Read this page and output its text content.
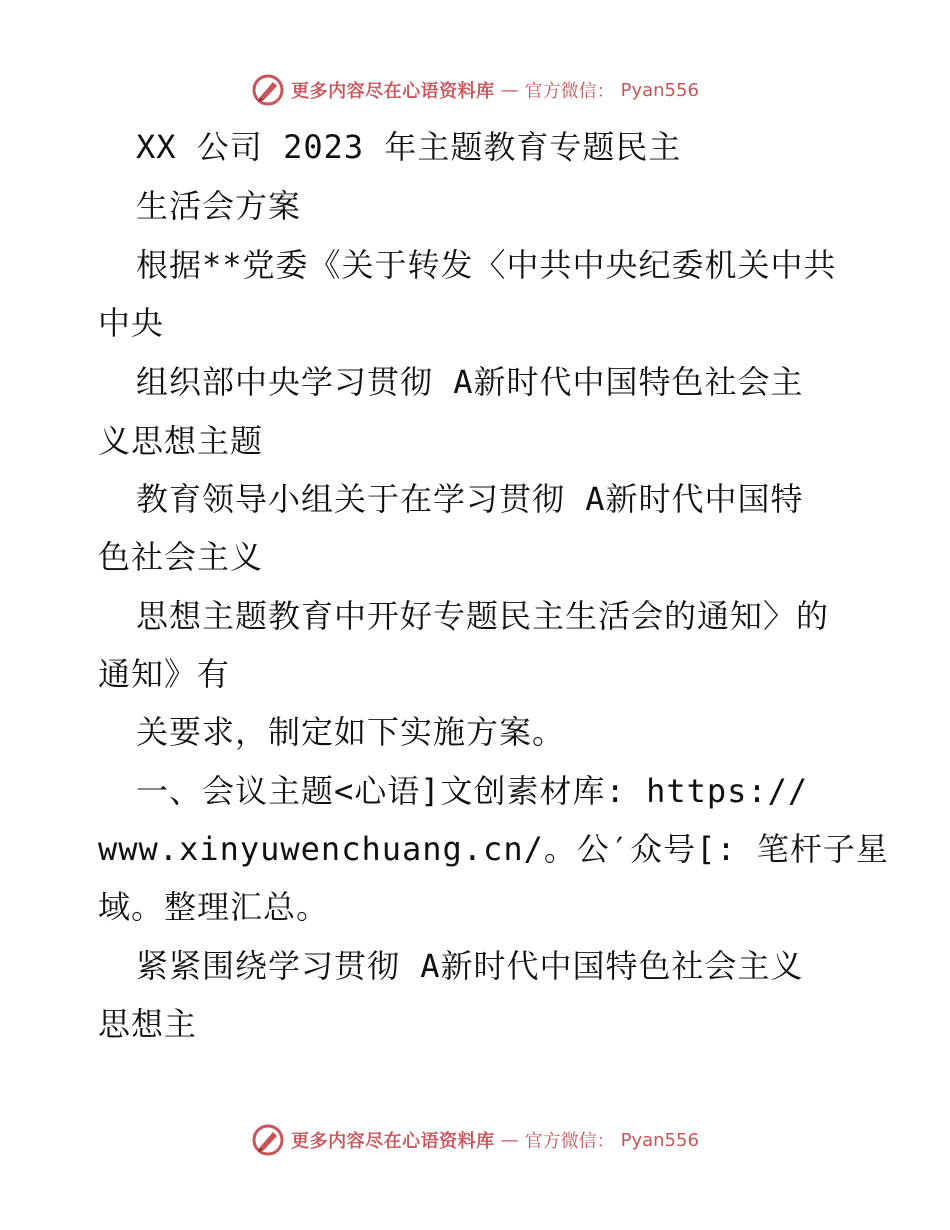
更多内容尽在心语资料库 — 官方微信： Pyan556
XX 公司 2023 年主题教育专题民主
生活会方案
根据**党委《关于转发〈中共中央纪委机关中共
中央
组织部中央学习贯彻 A新时代中国特色社会主
义思想主题
教育领导小组关于在学习贯彻 A新时代中国特
色社会主义
思想主题教育中开好专题民主生活会的通知〉的
通知》有
关要求，制定如下实施方案。
一、会议主题<心语]文创素材库: https://
www.xinyuwenchuang.cn/。公′众号[: 笔杆子星
域。整理汇总。
紧紧围绕学习贯彻 A新时代中国特色社会主义
思想主
更多内容尽在心语资料库 — 官方微信： Pyan556
